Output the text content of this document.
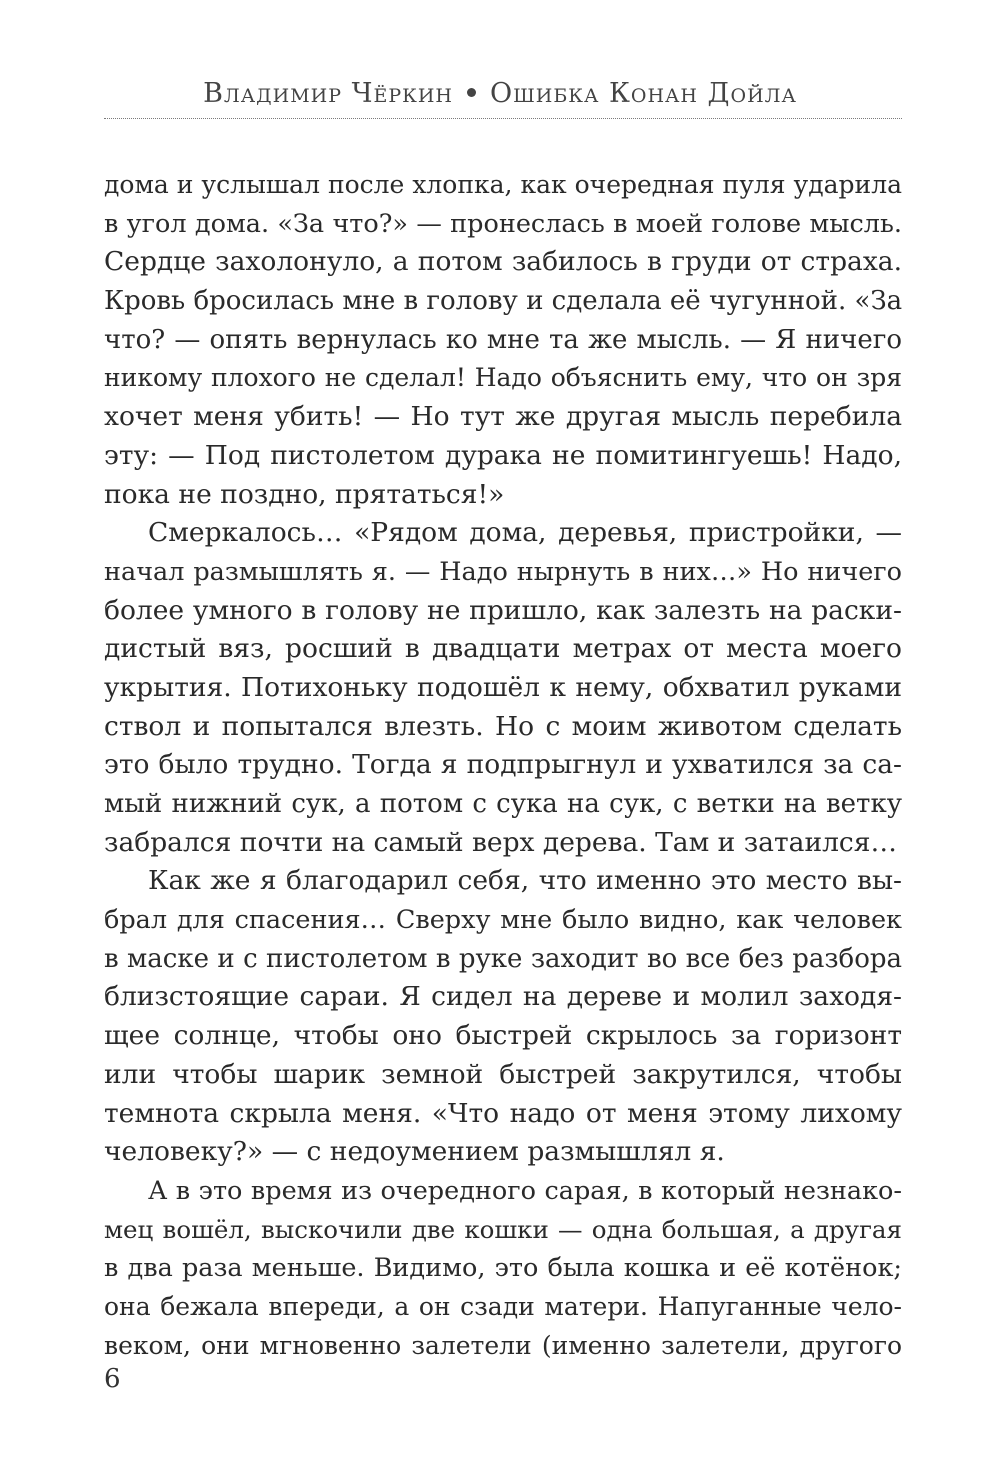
Владимир Чёркин Ошибка Конан Дойла
дома и услышал после хлопка, как очередная пуля ударила
в угол дома. «За что?» — пронеслась в моей голове мысль.
Сердце захолонуло, а потом забилось в груди от страха.
Кровь бросилась мне в голову и сделала её чугунной. «За
что? — опять вернулась ко мне та же мысль. — Я ничего
никому плохого не сделал! Надо объяснить ему, что он зря
хочет меня убить! — Но тут же другая мысль перебила
эту: — Под пистолетом дурака не помитингуешь! Надо,
пока не поздно, прятаться!»
Смеркалось… «Рядом дома, деревья, пристройки, —
начал размышлять я. — Надо нырнуть в них…» Но ничего
более умного в голову не пришло, как залезть на раски-
дистый вяз, росший в двадцати метрах от места моего
укрытия. Потихоньку подошёл к нему, обхватил руками
ствол и попытался влезть. Но с моим животом сделать
это было трудно. Тогда я подпрыгнул и ухватился за са-
мый нижний сук, а потом с сука на сук, с ветки на ветку
забрался почти на самый верх дерева. Там и затаился…
Как же я благодарил себя, что именно это место вы-
брал для спасения… Сверху мне было видно, как человек
в маске и с пистолетом в руке заходит во все без разбора
близстоящие сараи. Я сидел на дереве и молил заходя-
щее солнце, чтобы оно быстрей скрылось за горизонт
или чтобы шарик земной быстрей закрутился, чтобы
темнота скрыла меня. «Что надо от меня этому лихому
человеку?» — с недоумением размышлял я.
А в это время из очередного сарая, в который незнако-
мец вошёл, выскочили две кошки — одна большая, а другая
в два раза меньше. Видимо, это была кошка и её котёнок;
она бежала впереди, а он сзади матери. Напуганные чело-
веком, они мгновенно залетели (именно залетели, другого
6
